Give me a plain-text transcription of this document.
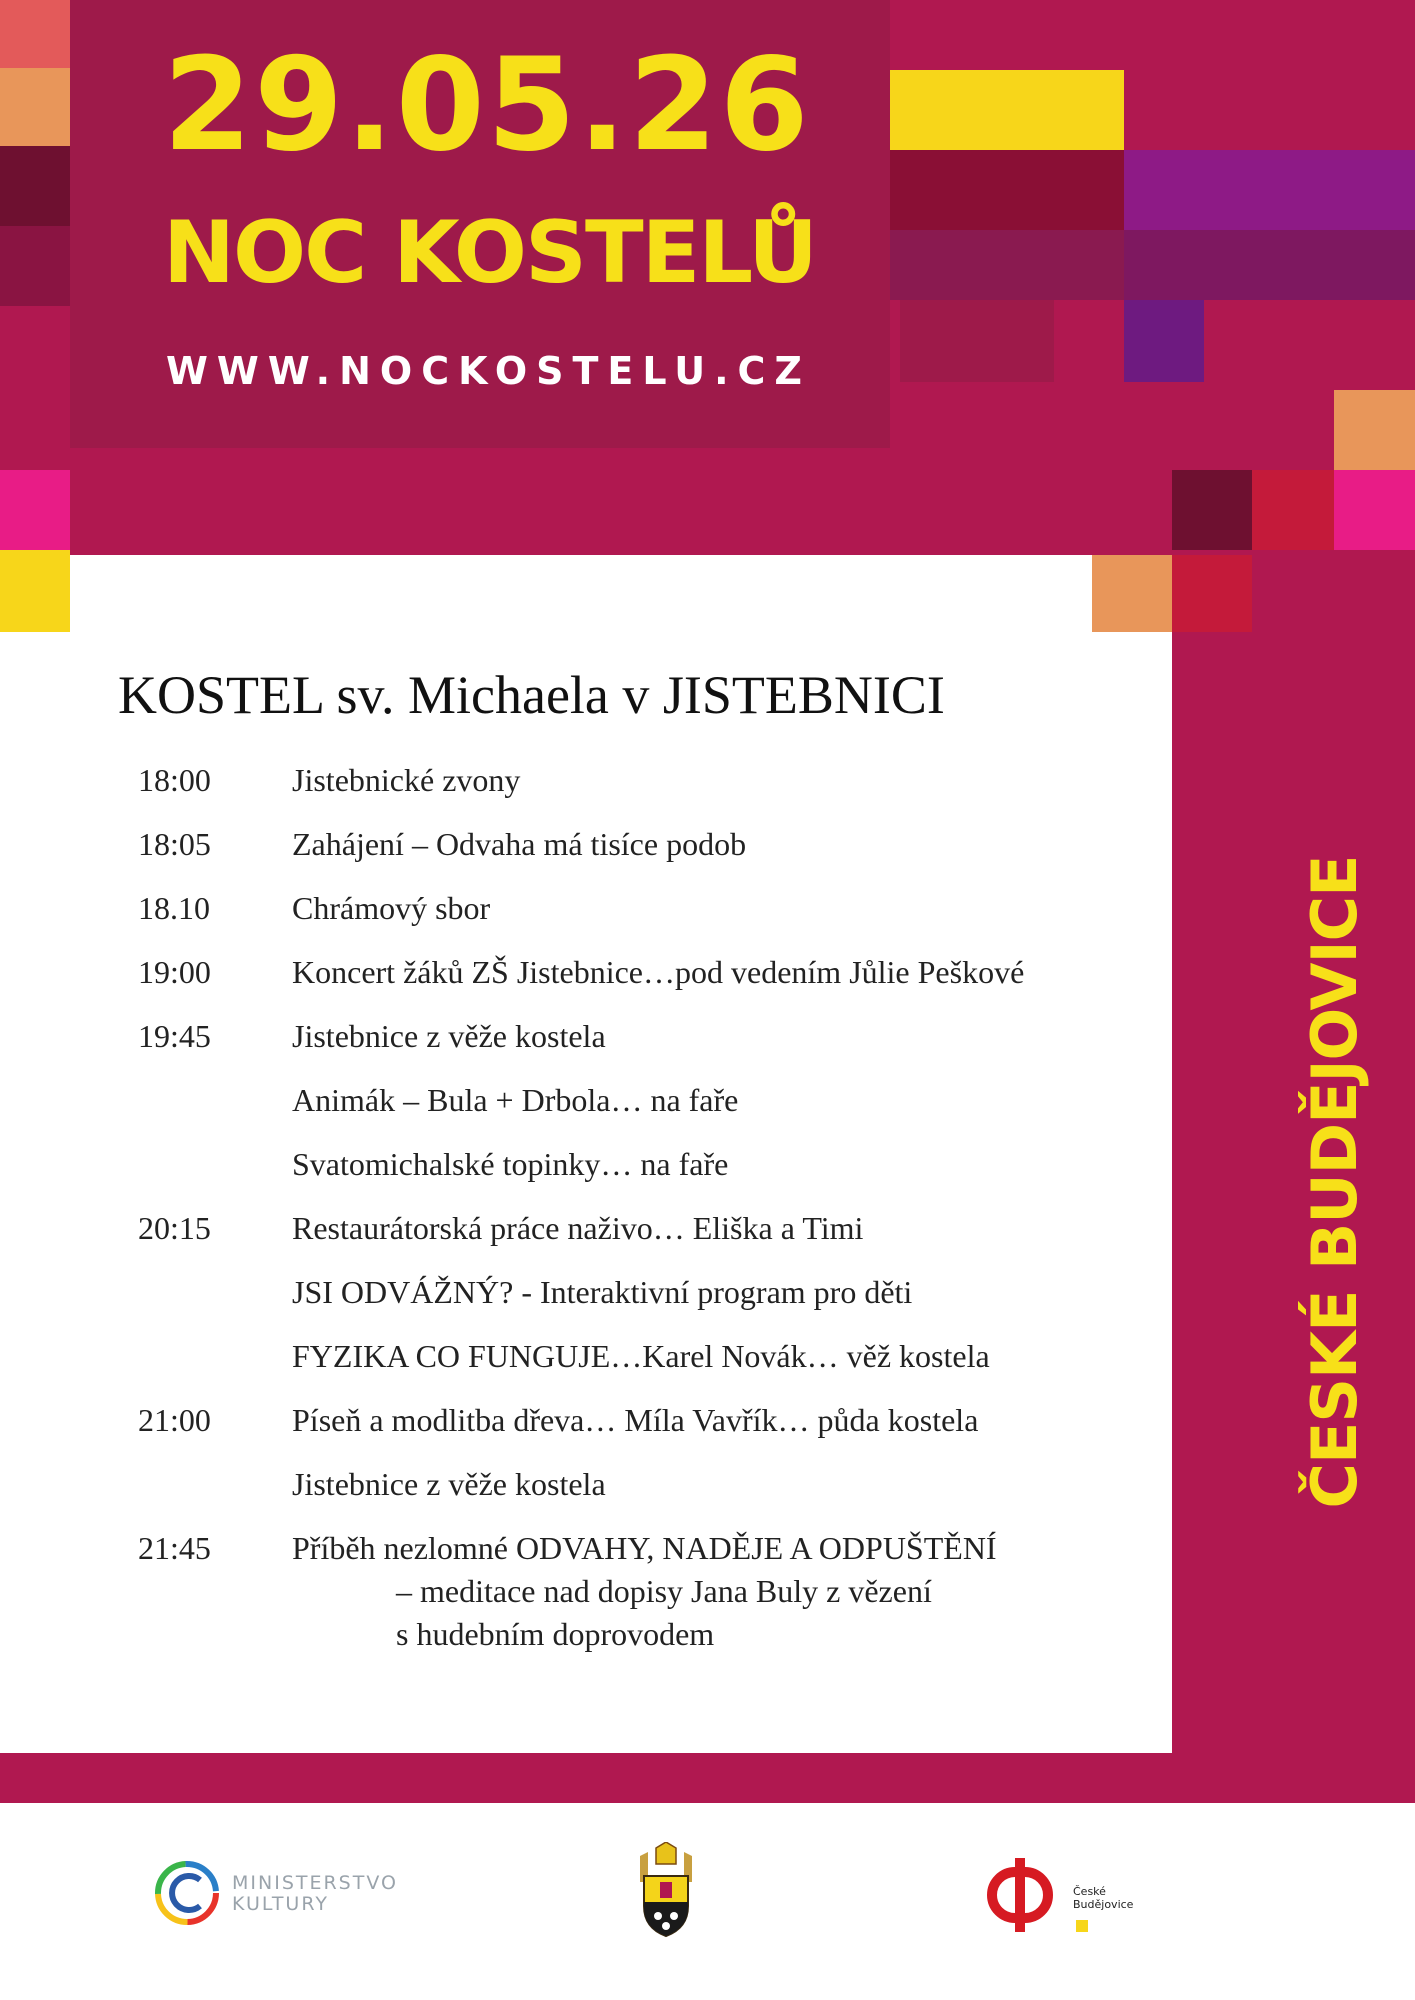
29.05.26
NOC KOSTELŮ
WWW.NOCKOSTELU.CZ
KOSTEL sv. Michaela v JISTEBNICI
18:00	Jistebnické zvony
18:05	Zahájení – Odvaha má tisíce podob
18.10	Chrámový sbor
19:00	Koncert žáků ZŠ Jistebnice…pod vedením Jůlie Peškové
19:45	Jistebnice z věže kostela
Animák – Bula + Drbola… na faře
Svatomichalské topinky… na faře
20:15	Restaurátorská práce naživo… Eliška a Timi
JSI ODVÁŽNÝ? - Interaktivní program pro děti
FYZIKA CO FUNGUJE…Karel Novák… věž kostela
21:00	Píseň a modlitba dřeva… Míla Vavřík… půda kostela
Jistebnice z věže kostela
21:45	Příběh nezlomné ODVAHY, NADĚJE A ODPUŠTĚNÍ
– meditace nad dopisy Jana Buly z vězení
s hudebním doprovodem
ČESKÉ BUDĚJOVICE
MINISTERSTVO
KULTURY
České
Budějovice
